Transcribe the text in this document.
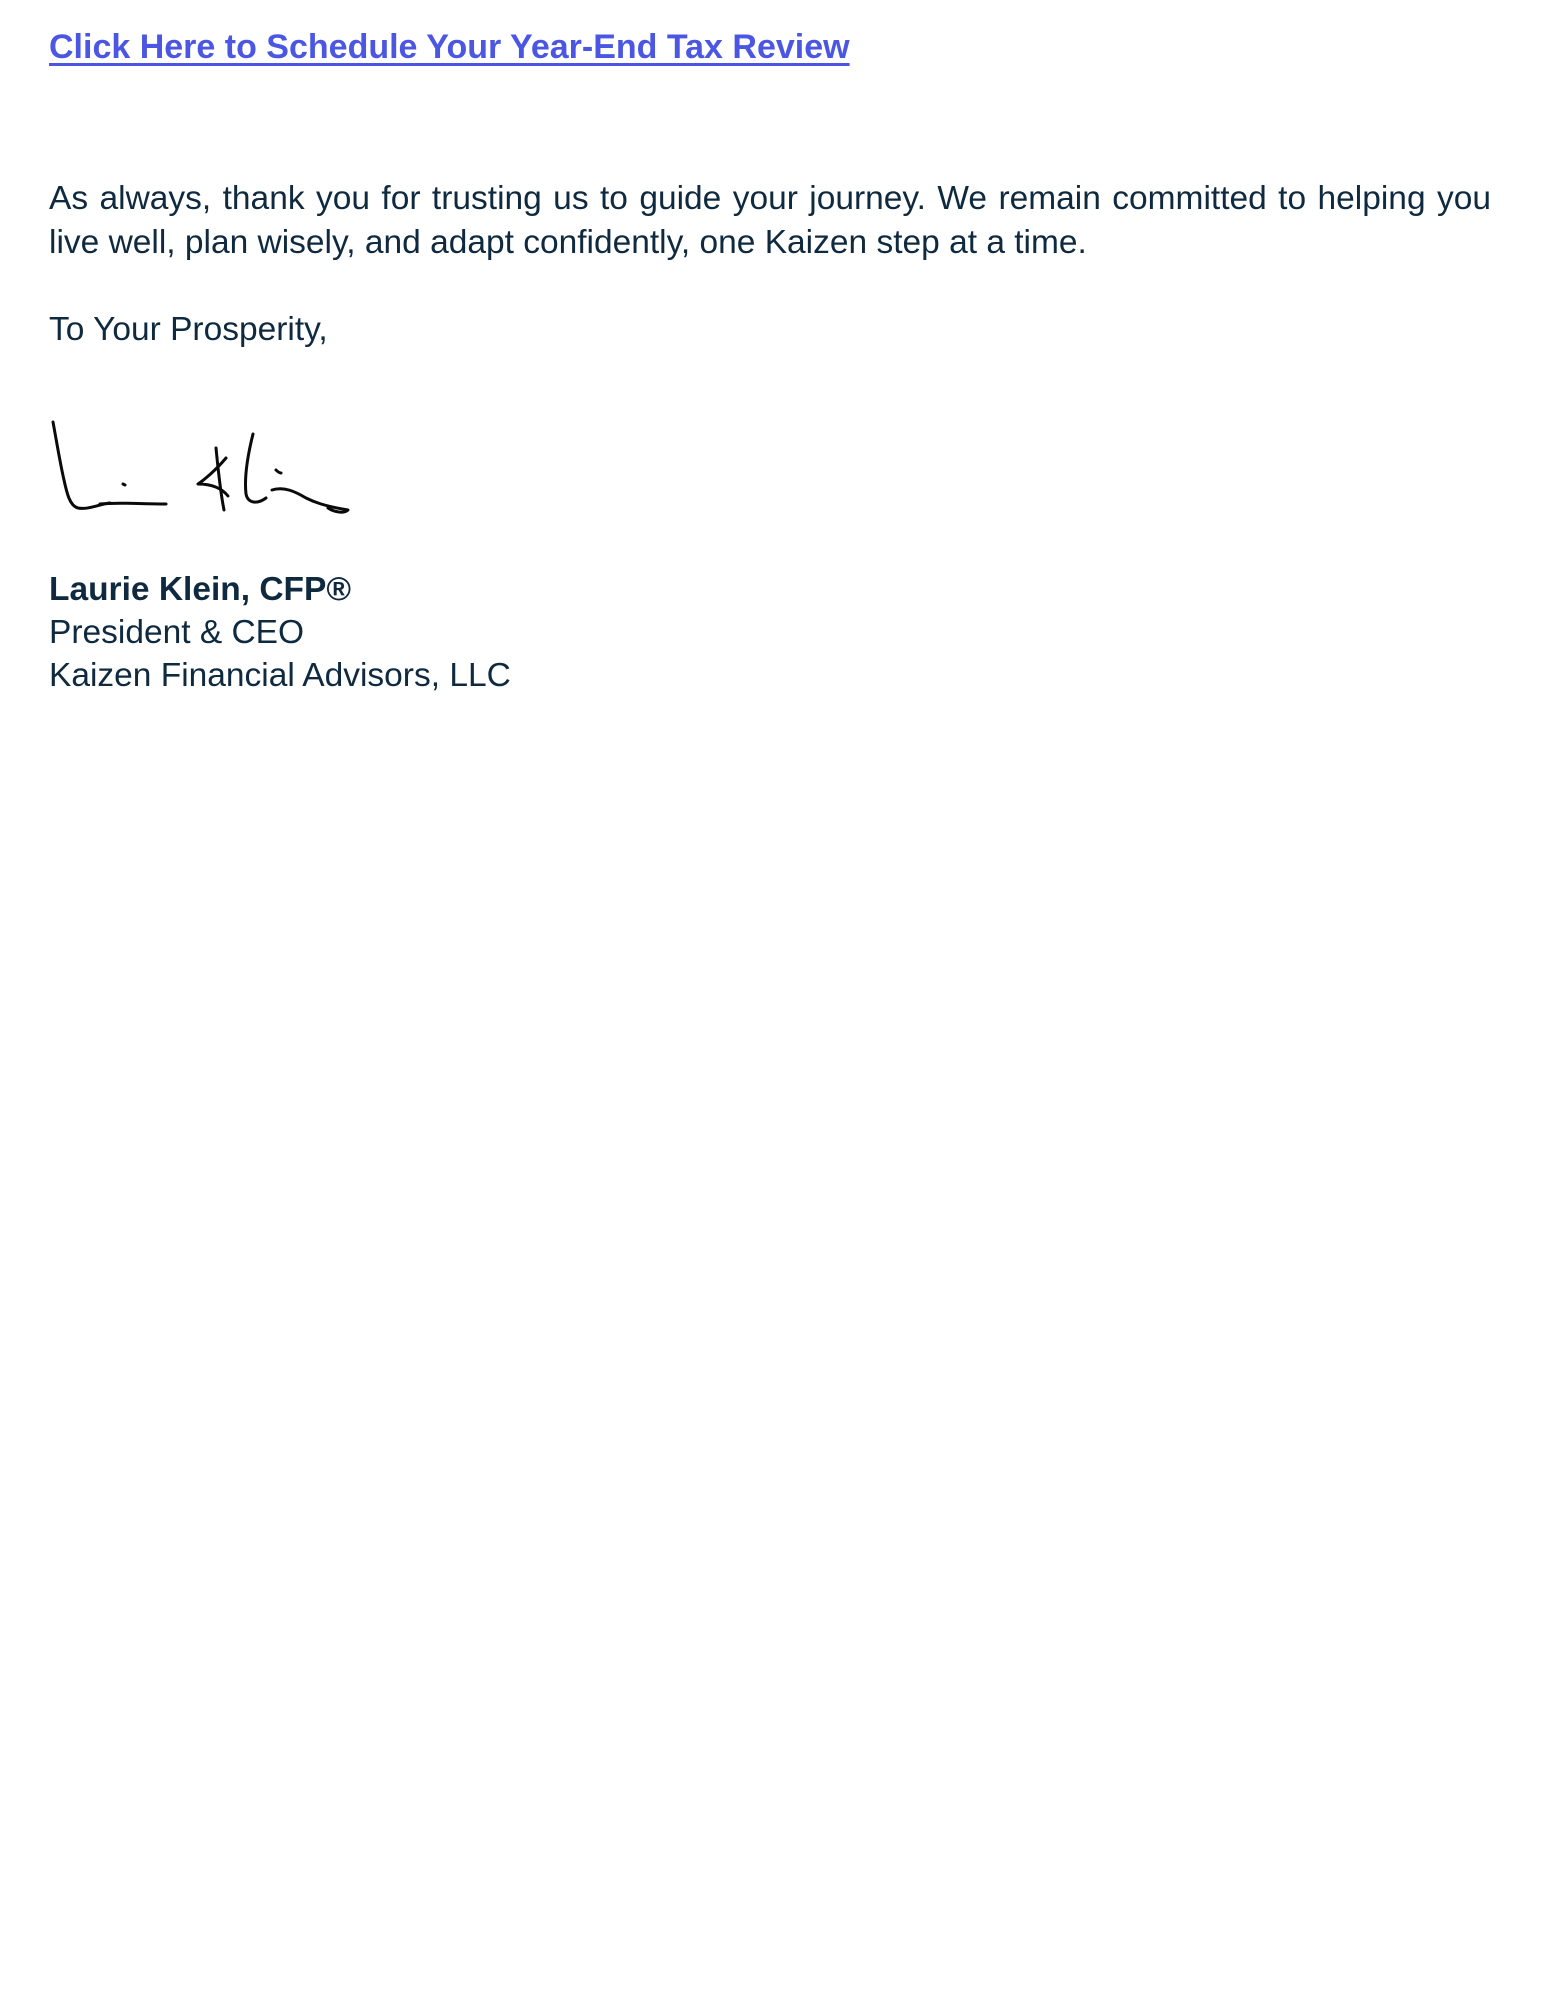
Click Here to Schedule Your Year-End Tax Review

As always, thank you for trusting us to guide your journey. We remain committed to helping you live well, plan wisely, and adapt confidently, one Kaizen step at a time.

To Your Prosperity,

Laurie Klein, CFP®
President & CEO
Kaizen Financial Advisors, LLC
